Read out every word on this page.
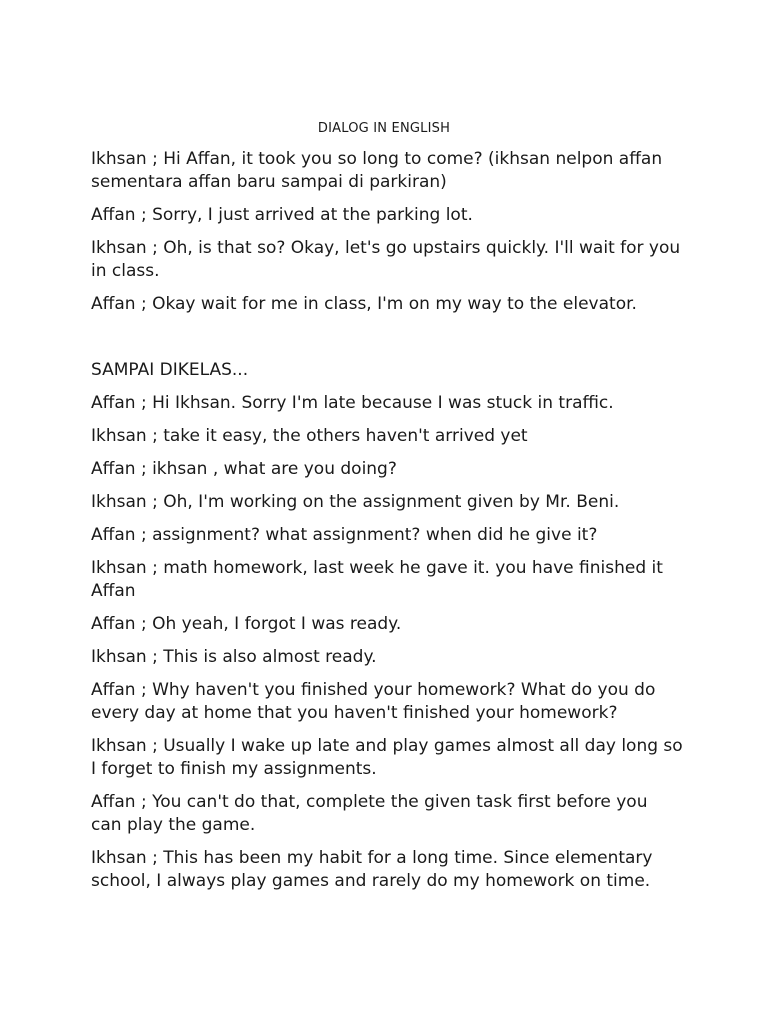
DIALOG IN ENGLISH

Ikhsan ; Hi Affan, it took you so long to come? (ikhsan nelpon affan sementara affan baru sampai di parkiran)

Affan ; Sorry, I just arrived at the parking lot.

Ikhsan ; Oh, is that so? Okay, let's go upstairs quickly. I'll wait for you in class.

Affan ; Okay wait for me in class, I'm on my way to the elevator.

SAMPAI DIKELAS...

Affan ; Hi Ikhsan. Sorry I'm late because I was stuck in traffic.

Ikhsan ; take it easy, the others haven't arrived yet

Affan ; ikhsan , what are you doing?

Ikhsan ; Oh, I'm working on the assignment given by Mr. Beni.

Affan ; assignment? what assignment? when did he give it?

Ikhsan ; math homework, last week he gave it. you have finished it Affan

Affan ; Oh yeah, I forgot I was ready.

Ikhsan ; This is also almost ready.

Affan ; Why haven't you finished your homework? What do you do every day at home that you haven't finished your homework?

Ikhsan ; Usually I wake up late and play games almost all day long so I forget to finish my assignments.

Affan ; You can't do that, complete the given task first before you can play the game.

Ikhsan ; This has been my habit for a long time. Since elementary school, I always play games and rarely do my homework on time.
